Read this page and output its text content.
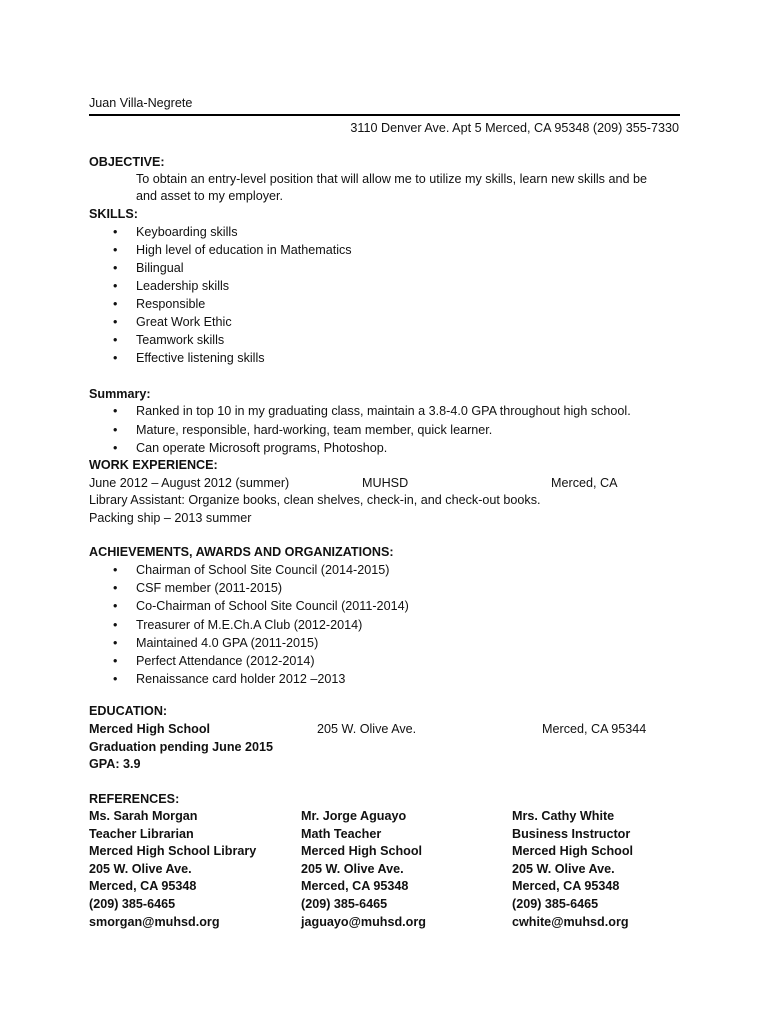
Juan Villa-Negrete
3110 Denver Ave. Apt 5 Merced, CA 95348 (209) 355-7330
OBJECTIVE:
To obtain an entry-level position that will allow me to utilize my skills, learn new skills and be
and asset to my employer.
SKILLS:
• Keyboarding skills
• High level of education in Mathematics
• Bilingual
• Leadership skills
• Responsible
• Great Work Ethic
• Teamwork skills
• Effective listening skills
Summary:
• Ranked in top 10 in my graduating class, maintain a 3.8-4.0 GPA throughout high school.
• Mature, responsible, hard-working, team member, quick learner.
• Can operate Microsoft programs, Photoshop.
WORK EXPERIENCE:
June 2012 – August 2012 (summer)	MUHSD	Merced, CA
Library Assistant: Organize books, clean shelves, check-in, and check-out books.
Packing ship – 2013 summer
ACHIEVEMENTS, AWARDS AND ORGANIZATIONS:
• Chairman of School Site Council (2014-2015)
• CSF member (2011-2015)
• Co-Chairman of School Site Council (2011-2014)
• Treasurer of M.E.Ch.A Club (2012-2014)
• Maintained 4.0 GPA (2011-2015)
• Perfect Attendance (2012-2014)
• Renaissance card holder 2012 –2013
EDUCATION:
Merced High School	205 W. Olive Ave.	Merced, CA 95344
Graduation pending June 2015
GPA: 3.9
REFERENCES:
Ms. Sarah Morgan
Teacher Librarian
Merced High School Library
205 W. Olive Ave.
Merced, CA 95348
(209) 385-6465
smorgan@muhsd.org
Mr. Jorge Aguayo
Math Teacher
Merced High School
205 W. Olive Ave.
Merced, CA 95348
(209) 385-6465
jaguayo@muhsd.org
Mrs. Cathy White
Business Instructor
Merced High School
205 W. Olive Ave.
Merced, CA 95348
(209) 385-6465
cwhite@muhsd.org
